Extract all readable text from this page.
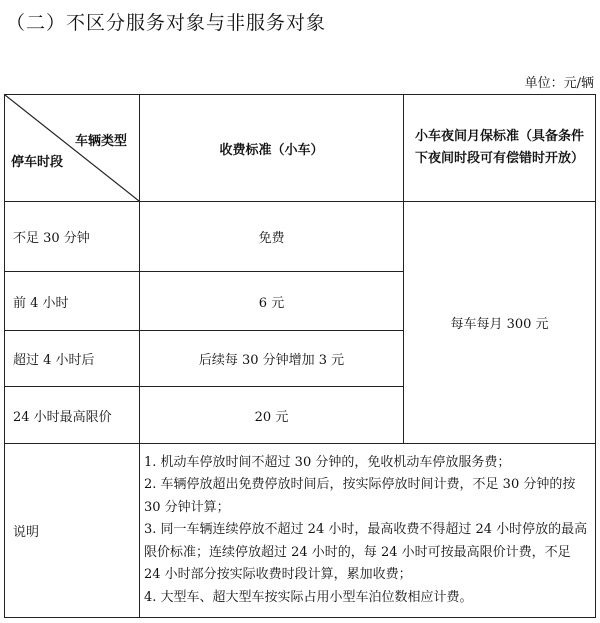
（二）不区分服务对象与非服务对象
单位：元/辆
车辆类型
停车时段	收费标准（小车）	小车夜间月保标准（具备条件下夜间时段可有偿错时开放）
不足 30 分钟	免费	每车每月 300 元
前 4 小时	6 元	
超过 4 小时后	后续每 30 分钟增加 3 元	
24 小时最高限价	20 元	
说明	1. 机动车停放时间不超过 30 分钟的，免收机动车停放服务费；
2. 车辆停放超出免费停放时间后，按实际停放时间计费，不足 30 分钟的按 30 分钟计算；
3. 同一车辆连续停放不超过 24 小时，最高收费不得超过 24 小时停放的最高限价标准；连续停放超过 24 小时的，每 24 小时可按最高限价计费，不足 24 小时部分按实际收费时段计算，累加收费；
4. 大型车、超大型车按实际占用小型车泊位数相应计费。	
